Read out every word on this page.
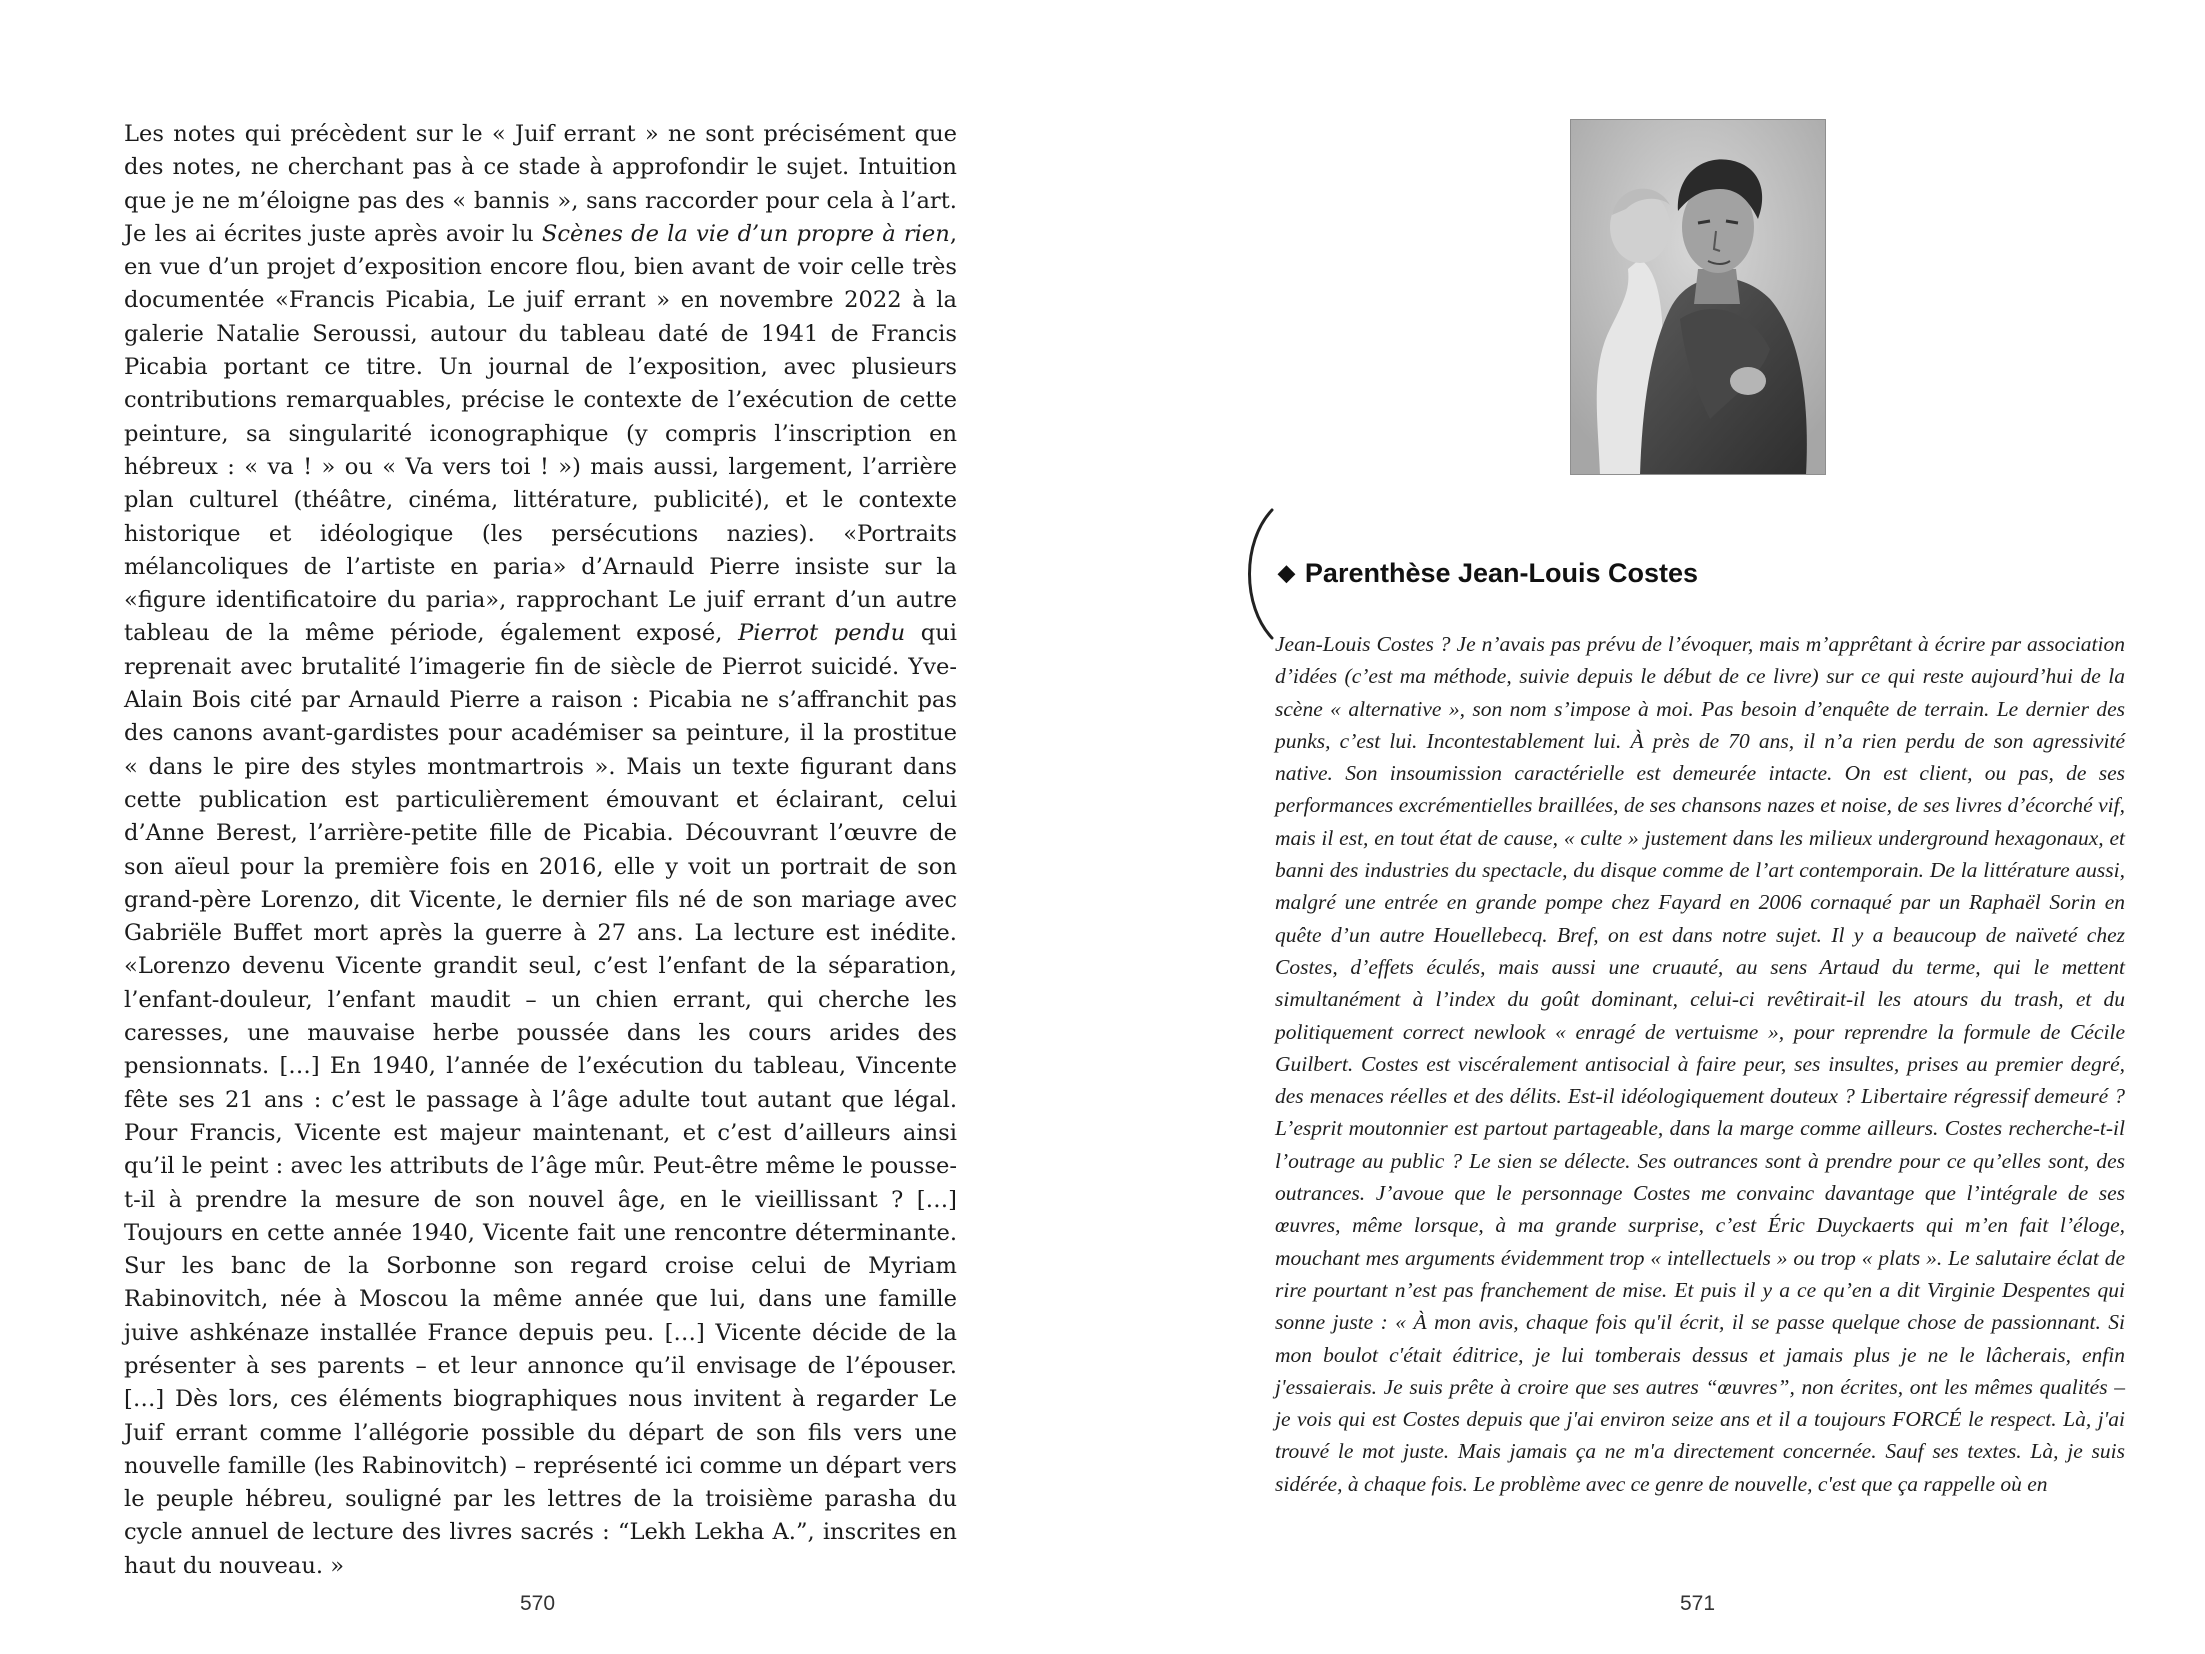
Les notes qui précèdent sur le « Juif errant » ne sont précisément que des notes, ne cherchant pas à ce stade à approfondir le sujet. Intuition que je ne m’éloigne pas des « bannis », sans raccorder pour cela à l’art. Je les ai écrites juste après avoir lu Scènes de la vie d’un propre à rien, en vue d’un projet d’exposition encore flou, bien avant de voir celle très documentée «Francis Picabia, Le juif errant » en novembre 2022 à la galerie Natalie Seroussi, autour du tableau daté de 1941 de Francis Picabia portant ce titre. Un journal de l’exposition, avec plusieurs contributions remarquables, précise le contexte de l’exécution de cette peinture, sa singularité iconographique (y compris l’inscription en hébreux : « va ! » ou « Va vers toi ! ») mais aussi, largement, l’arrière plan culturel (théâtre, cinéma, littérature, publicité), et le contexte historique et idéologique (les persécutions nazies). «Portraits mélancoliques de l’artiste en paria» d’Arnauld Pierre insiste sur la «figure identificatoire du paria», rapprochant Le juif errant d’un autre tableau de la même période, également exposé, Pierrot pendu qui reprenait avec brutalité l’imagerie fin de siècle de Pierrot suicidé. Yve-Alain Bois cité par Arnauld Pierre a raison : Picabia ne s’affranchit pas des canons avant-gardistes pour académiser sa peinture, il la prostitue « dans le pire des styles montmartrois ». Mais un texte figurant dans cette publication est particulièrement émouvant et éclairant, celui d’Anne Berest, l’arrière-petite fille de Picabia. Découvrant l’œuvre de son aïeul pour la première fois en 2016, elle y voit un portrait de son grand-père Lorenzo, dit Vicente, le dernier fils né de son mariage avec Gabriële Buffet mort après la guerre à 27 ans. La lecture est inédite. «Lorenzo devenu Vicente grandit seul, c’est l’enfant de la séparation, l’enfant-douleur, l’enfant maudit – un chien errant, qui cherche les caresses, une mauvaise herbe poussée dans les cours arides des pensionnats. […] En 1940, l’année de l’exécution du tableau, Vincente fête ses 21 ans : c’est le passage à l’âge adulte tout autant que légal. Pour Francis, Vicente est majeur maintenant, et c’est d’ailleurs ainsi qu’il le peint : avec les attributs de l’âge mûr. Peut-être même le pousse-t-il à prendre la mesure de son nouvel âge, en le vieillissant ? […] Toujours en cette année 1940, Vicente fait une rencontre déterminante. Sur les banc de la Sorbonne son regard croise celui de Myriam Rabinovitch, née à Moscou la même année que lui, dans une famille juive ashkénaze installée France depuis peu. […] Vicente décide de la présenter à ses parents – et leur annonce qu’il envisage de l’épouser. […] Dès lors, ces éléments biographiques nous invitent à regarder Le Juif errant comme l’allégorie possible du départ de son fils vers une nouvelle famille (les Rabinovitch) – représenté ici comme un départ vers le peuple hébreu, souligné par les lettres de la troisième parasha du cycle annuel de lecture des livres sacrés : “Lekh Lekha A.”, inscrites en haut du nouveau. »

570
◆ Parenthèse Jean-Louis Costes

Jean-Louis Costes ? Je n’avais pas prévu de l’évoquer, mais m’apprêtant à écrire par association d’idées (c’est ma méthode, suivie depuis le début de ce livre) sur ce qui reste aujourd’hui de la scène « alternative », son nom s’impose à moi. Pas besoin d’enquête de terrain. Le dernier des punks, c’est lui. Incontestablement lui. À près de 70 ans, il n’a rien perdu de son agressivité native. Son insoumission caractérielle est demeurée intacte. On est client, ou pas, de ses performances excrémentielles braillées, de ses chansons nazes et noise, de ses livres d’écorché vif, mais il est, en tout état de cause, « culte » justement dans les milieux underground hexagonaux, et banni des industries du spectacle, du disque comme de l’art contemporain. De la littérature aussi, malgré une entrée en grande pompe chez Fayard en 2006 cornaqué par un Raphaël Sorin en quête d’un autre Houellebecq. Bref, on est dans notre sujet. Il y a beaucoup de naïveté chez Costes, d’effets éculés, mais aussi une cruauté, au sens Artaud du terme, qui le mettent simultanément à l’index du goût dominant, celui-ci revêtirait-il les atours du trash, et du politiquement correct newlook « enragé de vertuisme », pour reprendre la formule de Cécile Guilbert. Costes est viscéralement antisocial à faire peur, ses insultes, prises au premier degré, des menaces réelles et des délits. Est-il idéologiquement douteux ? Libertaire régressif demeuré ? L’esprit moutonnier est partout partageable, dans la marge comme ailleurs. Costes recherche-t-il l’outrage au public ? Le sien se délecte. Ses outrances sont à prendre pour ce qu’elles sont, des outrances. J’avoue que le personnage Costes me convainc davantage que l’intégrale de ses œuvres, même lorsque, à ma grande surprise, c’est Éric Duyckaerts qui m’en fait l’éloge, mouchant mes arguments évidemment trop « intellectuels » ou trop « plats ». Le salutaire éclat de rire pourtant n’est pas franchement de mise. Et puis il y a ce qu’en a dit Virginie Despentes qui sonne juste : « À mon avis, chaque fois qu'il écrit, il se passe quelque chose de passionnant. Si mon boulot c'était éditrice, je lui tomberais dessus et jamais plus je ne le lâcherais, enfin j'essaierais. Je suis prête à croire que ses autres “œuvres”, non écrites, ont les mêmes qualités – je vois qui est Costes depuis que j'ai environ seize ans et il a toujours FORCÉ le respect. Là, j'ai trouvé le mot juste. Mais jamais ça ne m'a directement concernée. Sauf ses textes. Là, je suis sidérée, à chaque fois. Le problème avec ce genre de nouvelle, c'est que ça rappelle où en

571
